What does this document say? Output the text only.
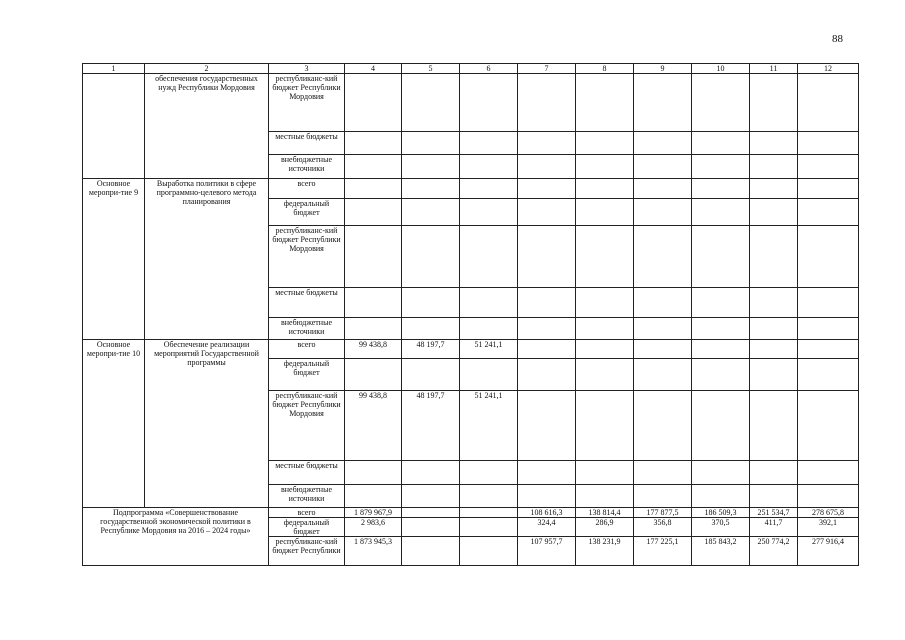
88
1	2	3	4	5	6	7	8	9	10	11	12
	обеспечения государственных нужд Республики Мордовия	республиканс-кий бюджет Республики Мордовия									
		местные бюджеты									
		внебюджетные источники									
Основное меропри-тие 9	Выработка политики в сфере программно-целевого метода планирования	всего									
		федеральный бюджет									
		республиканс-кий бюджет Республики Мордовия									
		местные бюджеты									
		внебюджетные источники									
Основное меропри-тие 10	Обеспечение реализации мероприятий Государственной программы	всего	99 438,8	48 197,7	51 241,1						
		федеральный бюджет									
		республиканс-кий бюджет Республики Мордовия	99 438,8	48 197,7	51 241,1						
		местные бюджеты									
		внебюджетные источники									
Подпрограмма «Совершенствование государственной экономической политики в Республике Мордовия на 2016 – 2024 годы»		всего	1 879 967,9			108 616,3	138 814,4	177 877,5	186 509,3	251 534,7	278 675,8
		федеральный бюджет	2 983,6			324,4	286,9	356,8	370,5	411,7	392,1
		республиканс-кий бюджет Республики	1 873 945,3			107 957,7	138 231,9	177 225,1	185 843,2	250 774,2	277 916,4
